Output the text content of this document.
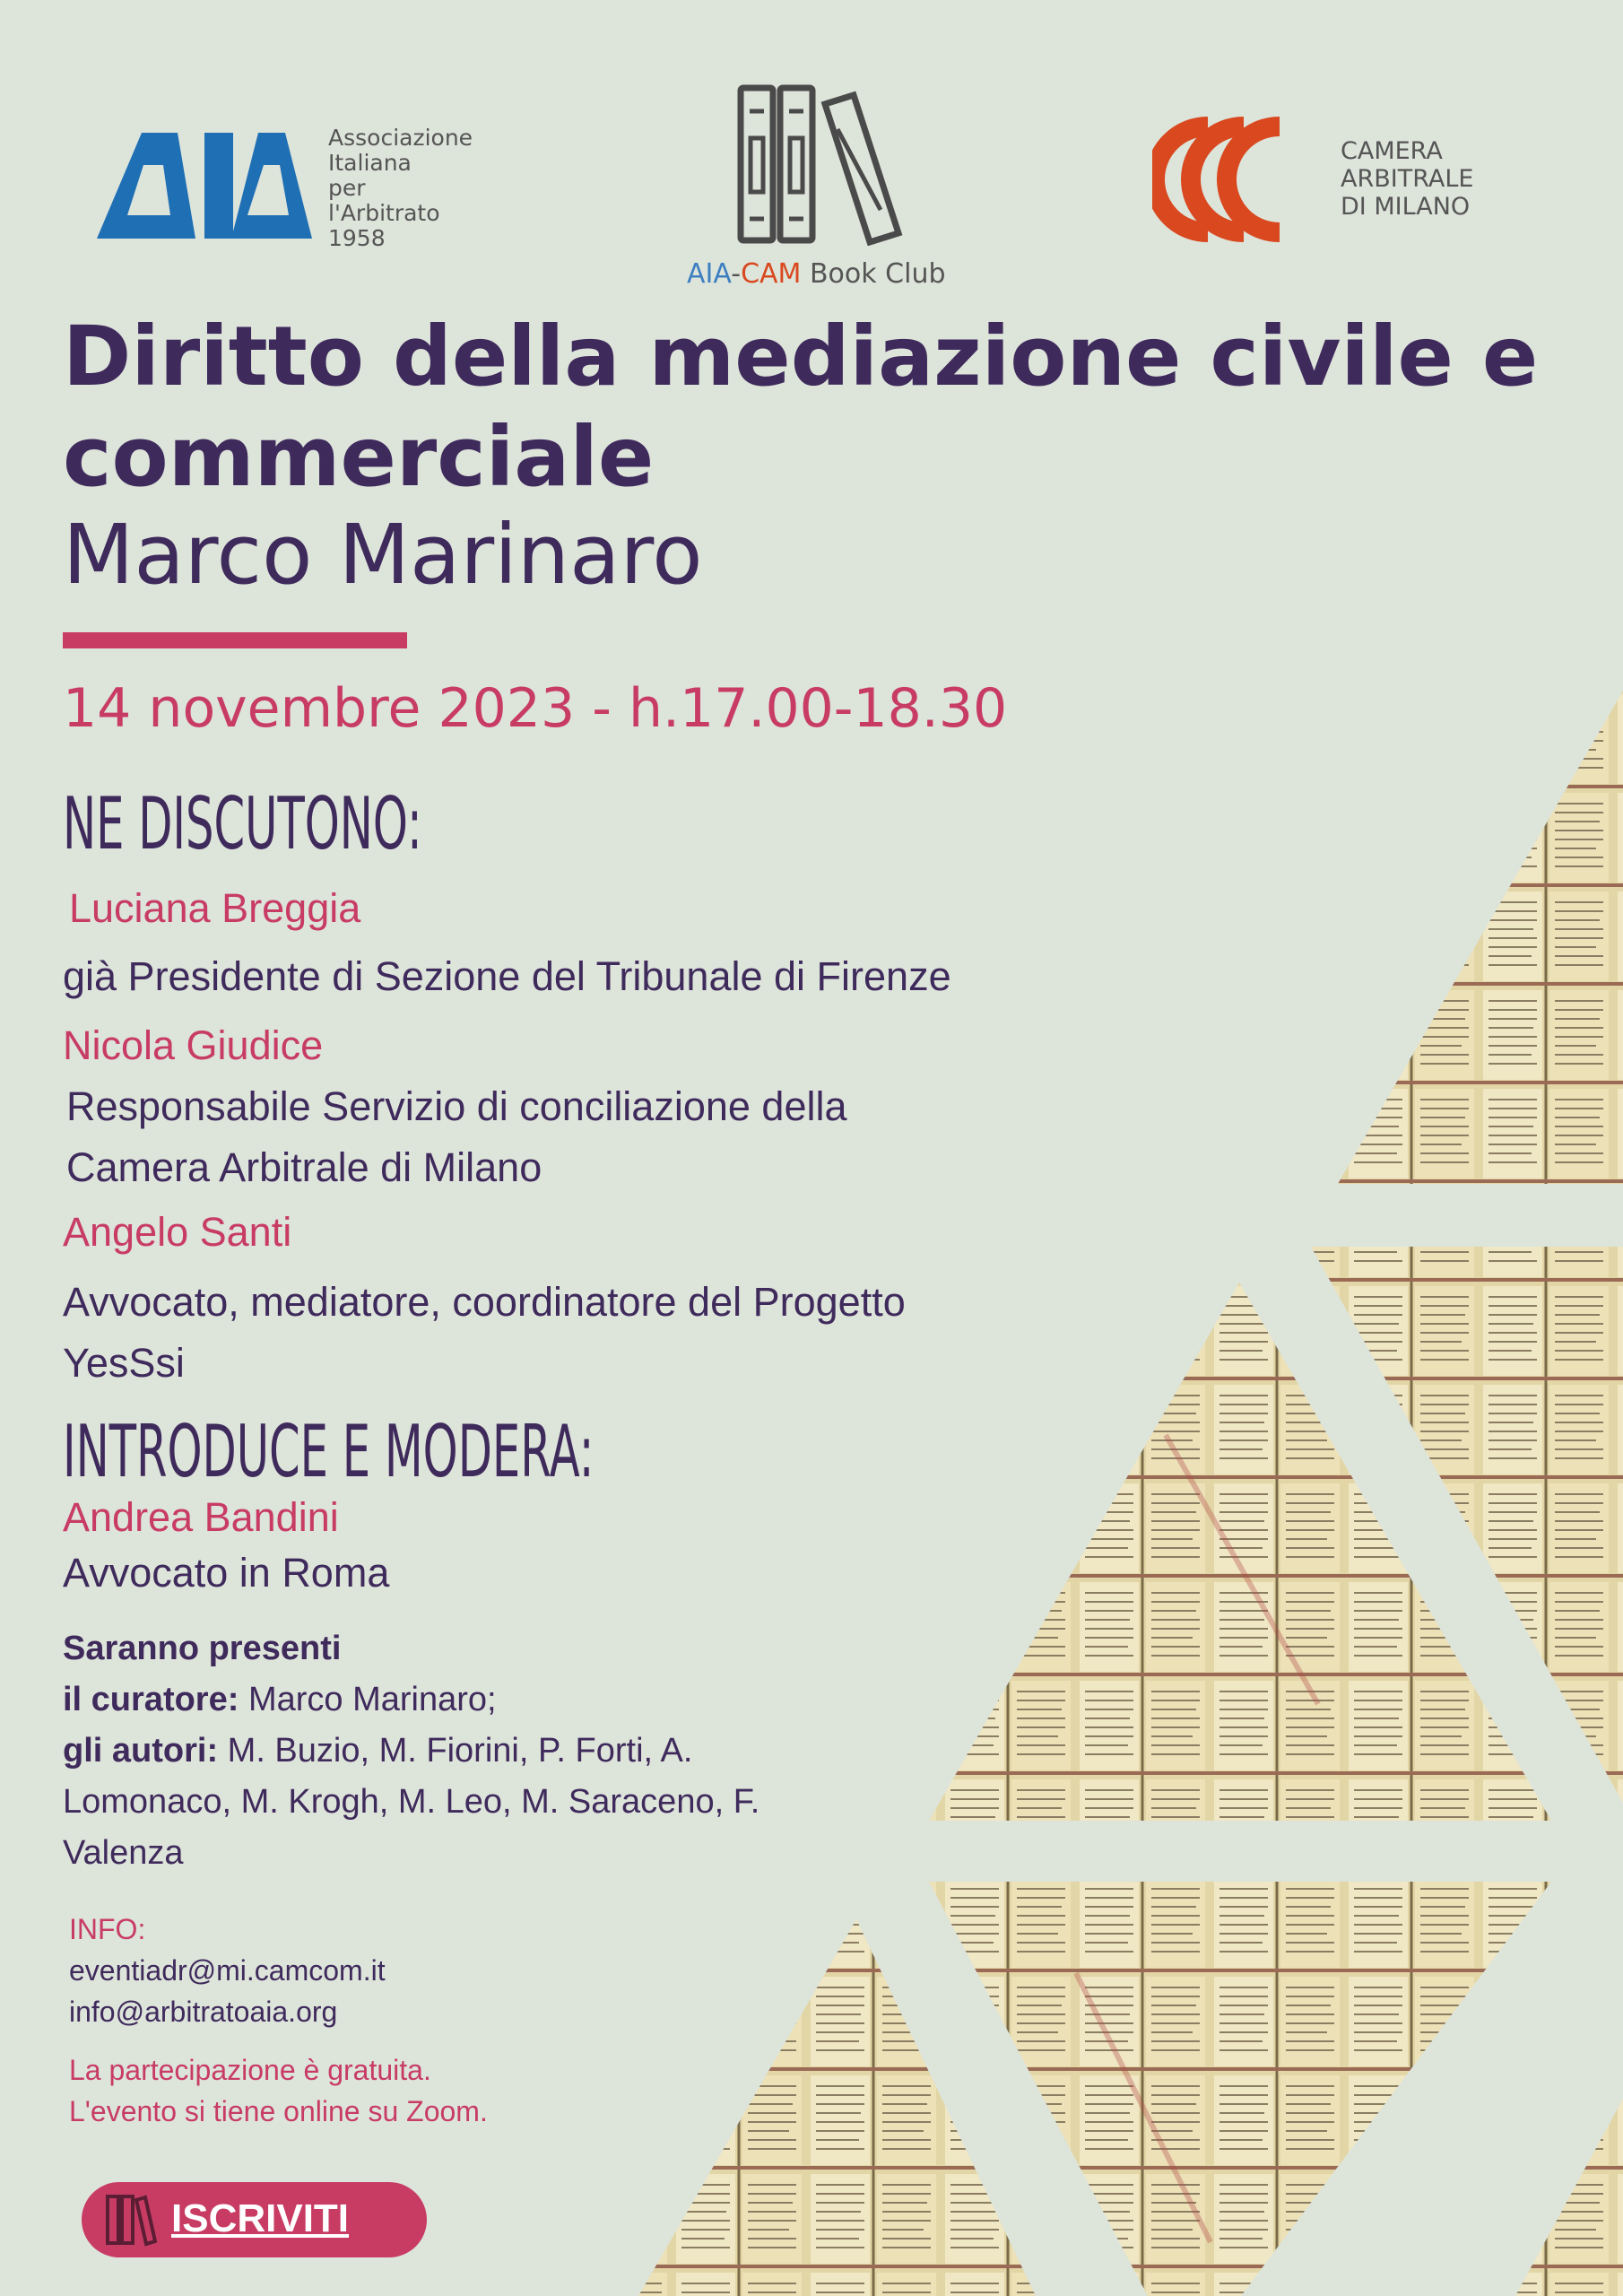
Associazione
Italiana
per l'Arbitrato
1958
AIA-CAM Book Club
CAMERA
ARBITRALE
DI MILANO
Diritto della mediazione civile e
commerciale
Marco Marinaro
14 novembre 2023 - h.17.00-18.30
NE DISCUTONO:
Luciana Breggia
già Presidente di Sezione del Tribunale di Firenze
Nicola Giudice
Responsabile Servizio di conciliazione della
Camera Arbitrale di Milano
Angelo Santi
Avvocato, mediatore, coordinatore del Progetto
YesSsi
INTRODUCE E MODERA:
Andrea Bandini
Avvocato in Roma
Saranno presenti
il curatore: Marco Marinaro;
gli autori: M. Buzio, M. Fiorini, P. Forti, A.
Lomonaco, M. Krogh, M. Leo, M. Saraceno, F.
Valenza
INFO:
eventiadr@mi.camcom.it
info@arbitratoaia.org
La partecipazione è gratuita.
L'evento si tiene online su Zoom.
ISCRIVITI
